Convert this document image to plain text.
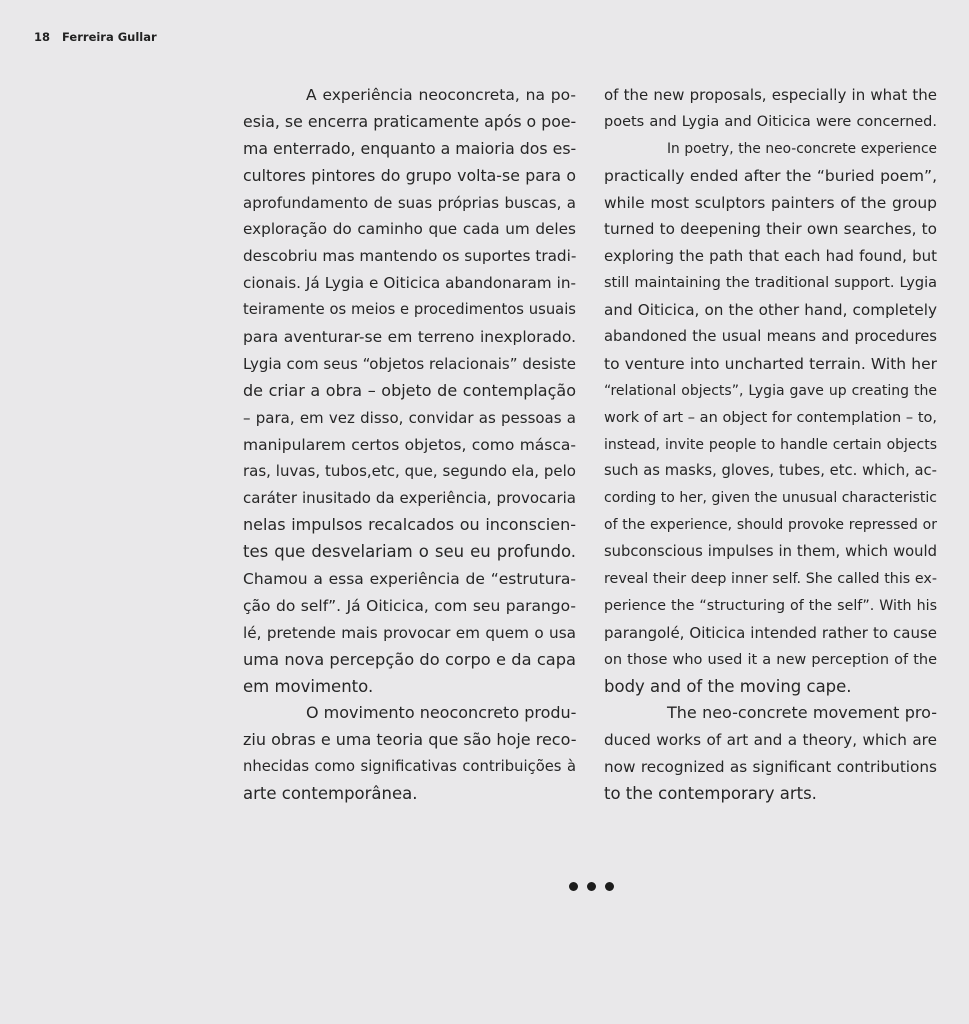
18 Ferreira Gullar
A experiência neoconcreta, na po-
esia, se encerra praticamente após o poe-
ma enterrado, enquanto a maioria dos es-
cultores pintores do grupo volta-se para o
aprofundamento de suas próprias buscas, a
exploração do caminho que cada um deles
descobriu mas mantendo os suportes tradi-
cionais. Já Lygia e Oiticica abandonaram in-
teiramente os meios e procedimentos usuais
para aventurar-se em terreno inexplorado.
Lygia com seus “objetos relacionais” desiste
de criar a obra – objeto de contemplação
– para, em vez disso, convidar as pessoas a
manipularem certos objetos, como másca-
ras, luvas, tubos,etc, que, segundo ela, pelo
caráter inusitado da experiência, provocaria
nelas impulsos recalcados ou inconscien-
tes que desvelariam o seu eu profundo.
Chamou a essa experiência de “estrutura-
ção do self”. Já Oiticica, com seu parango-
lé, pretende mais provocar em quem o usa
uma nova percepção do corpo e da capa
em movimento.
O movimento neoconcreto produ-
ziu obras e uma teoria que são hoje reco-
nhecidas como significativas contribuições à
arte contemporânea.
of the new proposals, especially in what the
poets and Lygia and Oiticica were concerned.
In poetry, the neo-concrete experience
practically ended after the “buried poem”,
while most sculptors painters of the group
turned to deepening their own searches, to
exploring the path that each had found, but
still maintaining the traditional support. Lygia
and Oiticica, on the other hand, completely
abandoned the usual means and procedures
to venture into uncharted terrain. With her
“relational objects”, Lygia gave up creating the
work of art – an object for contemplation – to,
instead, invite people to handle certain objects
such as masks, gloves, tubes, etc. which, ac-
cording to her, given the unusual characteristic
of the experience, should provoke repressed or
subconscious impulses in them, which would
reveal their deep inner self. She called this ex-
perience the “structuring of the self”. With his
parangolé, Oiticica intended rather to cause
on those who used it a new perception of the
body and of the moving cape.
The neo-concrete movement pro-
duced works of art and a theory, which are
now recognized as significant contributions
to the contemporary arts.
